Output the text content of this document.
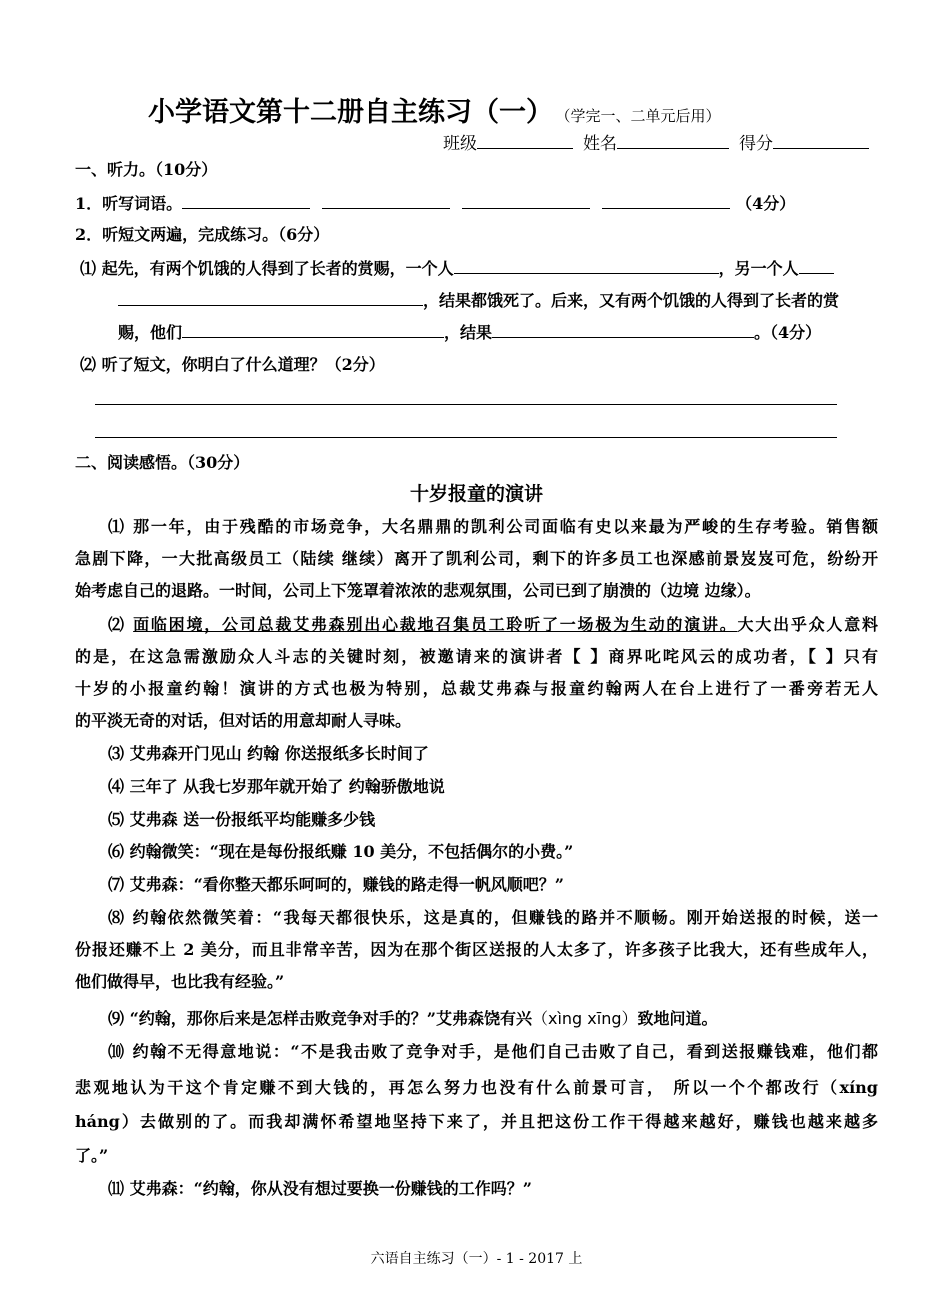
小学语文第十二册自主练习（一） （学完一、二单元后用）
班级	姓名	得分
一、听力。（10分）
1．听写词语。	（4分）
2．听短文两遍，完成练习。（6分）
⑴ 起先，有两个饥饿的人得到了长者的赏赐，一个人	，另一个人
，结果都饿死了。后来，又有两个饥饿的人得到了长者的赏
赐，他们	，结果	。（4分）
⑵ 听了短文，你明白了什么道理？（2分）
二、阅读感悟。（30分）
十岁报童的演讲
⑴ 那一年，由于残酷的市场竞争，大名鼎鼎的凯利公司面临有史以来最为严峻的生存考验。销售额
急剧下降，一大批高级员工（陆续 继续）离开了凯利公司，剩下的许多员工也深感前景岌岌可危，纷纷开
始考虑自己的退路。一时间，公司上下笼罩着浓浓的悲观氛围，公司已到了崩溃的（边境 边缘）。
⑵ 面临困境，公司总裁艾弗森别出心裁地召集员工聆听了一场极为生动的演讲。大大出乎众人意料
的是，在这急需激励众人斗志的关键时刻，被邀请来的演讲者【 】商界叱咤风云的成功者，【 】只有
十岁的小报童约翰！演讲的方式也极为特别，总裁艾弗森与报童约翰两人在台上进行了一番旁若无人
的平淡无奇的对话，但对话的用意却耐人寻味。
⑶ 艾弗森开门见山 约翰 你送报纸多长时间了
⑷ 三年了 从我七岁那年就开始了 约翰骄傲地说
⑸ 艾弗森 送一份报纸平均能赚多少钱
⑹ 约翰微笑：“现在是每份报纸赚 10 美分，不包括偶尔的小费。”
⑺ 艾弗森：“看你整天都乐呵呵的，赚钱的路走得一帆风顺吧？”
⑻ 约翰依然微笑着：“我每天都很快乐，这是真的，但赚钱的路并不顺畅。刚开始送报的时候，送一
份报还赚不上 2 美分，而且非常辛苦，因为在那个街区送报的人太多了，许多孩子比我大，还有些成年人，
他们做得早，也比我有经验。”
⑼ “约翰，那你后来是怎样击败竞争对手的？”艾弗森饶有兴（xìng xīng）致地问道。
⑽ 约翰不无得意地说：“不是我击败了竞争对手，是他们自己击败了自己，看到送报赚钱难，他们都
悲观地认为干这个肯定赚不到大钱的，再怎么努力也没有什么前景可言， 所以一个个都改行（xíng
háng）去做别的了。而我却满怀希望地坚持下来了，并且把这份工作干得越来越好，赚钱也越来越多
了。”
⑾ 艾弗森：“约翰，你从没有想过要换一份赚钱的工作吗？”
六语自主练习（一）- 1 - 2017 上
